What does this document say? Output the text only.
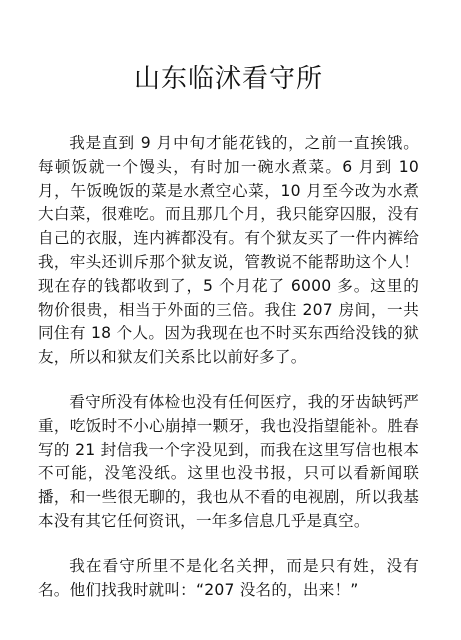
山东临沭看守所

我是直到 9 月中旬才能花钱的，之前一直挨饿。每顿饭就一个馒头，有时加一碗水煮菜。6 月到 10 月，午饭晚饭的菜是水煮空心菜，10 月至今改为水煮大白菜，很难吃。而且那几个月，我只能穿囚服，没有自己的衣服，连内裤都没有。有个狱友买了一件内裤给我，牢头还训斥那个狱友说，管教说不能帮助这个人！现在存的钱都收到了，5 个月花了 6000 多。这里的物价很贵，相当于外面的三倍。我住 207 房间，一共同住有 18 个人。因为我现在也不时买东西给没钱的狱友，所以和狱友们关系比以前好多了。

看守所没有体检也没有任何医疗，我的牙齿缺钙严重，吃饭时不小心崩掉一颗牙，我也没指望能补。胜春写的 21 封信我一个字没见到，而我在这里写信也根本不可能，没笔没纸。这里也没书报，只可以看新闻联播，和一些很无聊的，我也从不看的电视剧，所以我基本没有其它任何资讯，一年多信息几乎是真空。

我在看守所里不是化名关押，而是只有姓，没有名。他们找我时就叫：“207 没名的，出来！”
